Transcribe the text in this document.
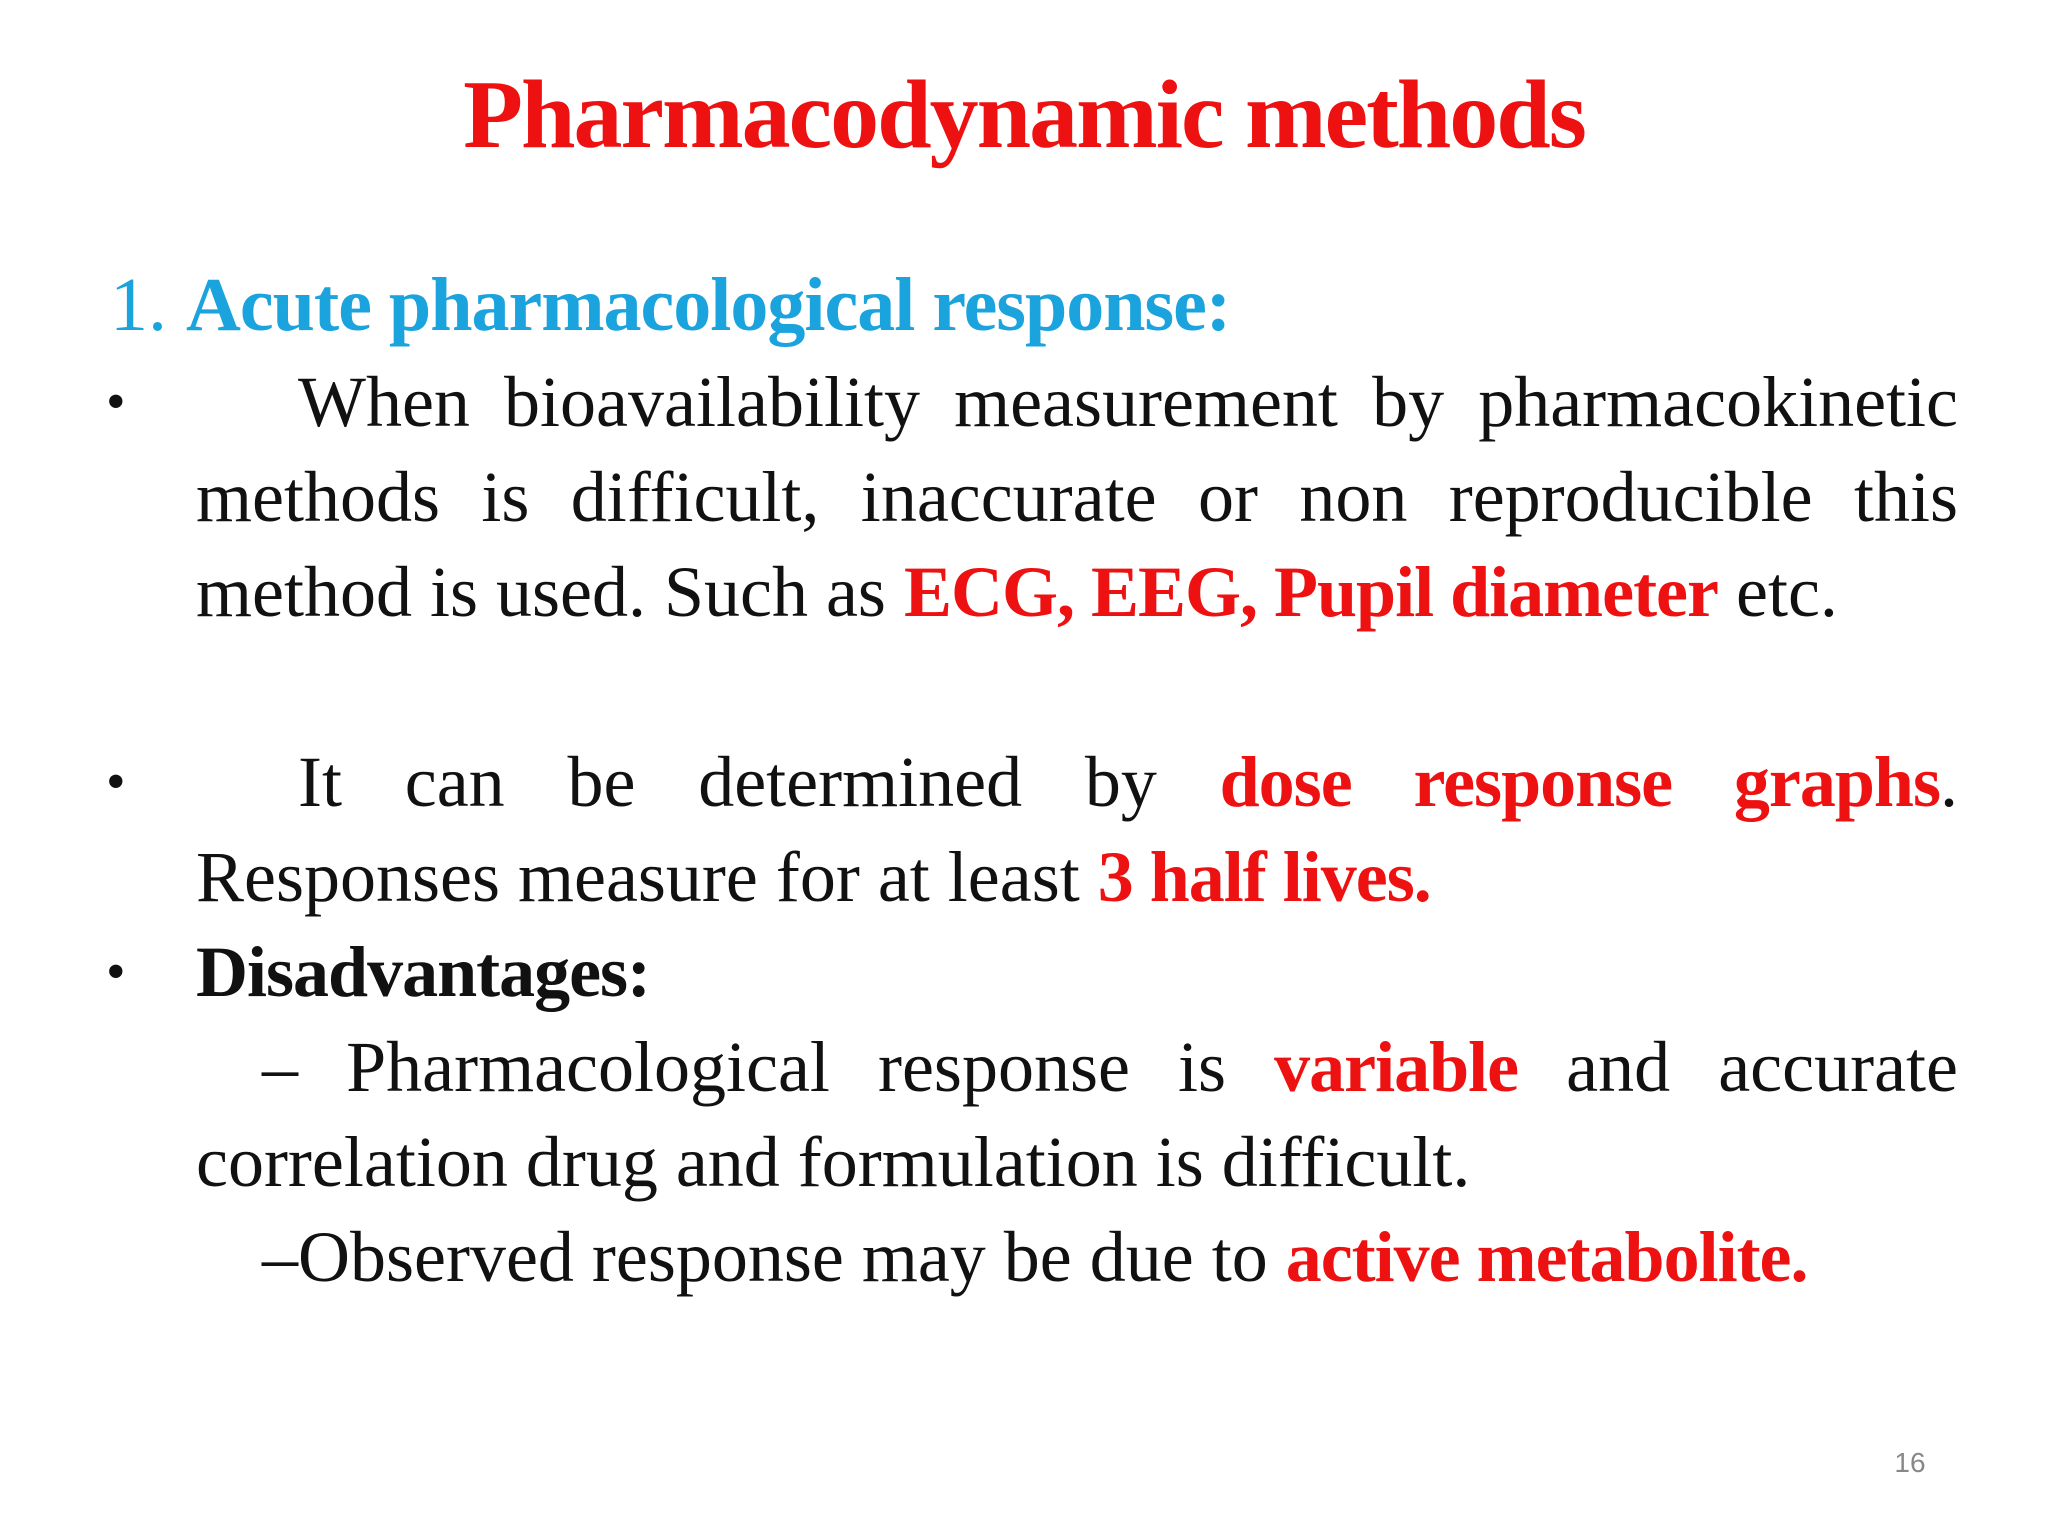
Pharmacodynamic methods
1. Acute pharmacological response:
•	When bioavailability measurement by pharmacokinetic methods is difficult, inaccurate or non reproducible this method is used. Such as ECG, EEG, Pupil diameter etc.
•	It can be determined by dose response graphs. Responses measure for at least 3 half lives.
• Disadvantages:
– Pharmacological response is variable and accurate correlation drug and formulation is difficult.
–Observed response may be due to active metabolite.
16
